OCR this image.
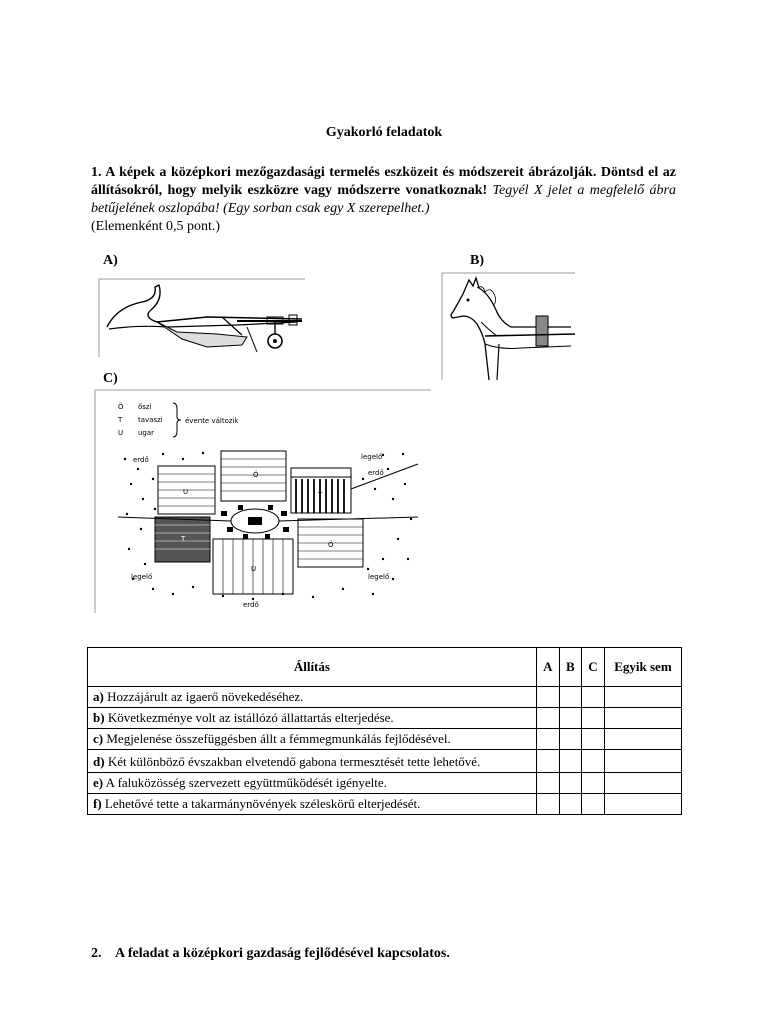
Gyakorló feladatok
1. A képek a középkori mezőgazdasági termelés eszközeit és módszereit ábrázolják. Döntsd el az állításokról, hogy melyik eszközre vagy módszerre vonatkoznak! Tegyél X jelet a megfelelő ábra betűjelének oszlopába! (Egy sorban csak egy X szerepelhet.)
(Elemenként 0,5 pont.)
A)	B)
C)
Ö őszi
T tavaszi
U ugar
évente változik
erdő
erdő
erdő
legelő
legelő	legelő
U
Ö
T
T
U
Ö
Állítás	A	B	C	Egyik sem
a) Hozzájárult az igaerő növekedéséhez.				
b) Következménye volt az istállózó állattartás elterjedése.				
c) Megjelenése összefüggésben állt a fémmegmunkálás fejlődésével.				
d) Két különböző évszakban elvetendő gabona termesztését tette lehetővé.				
e) A faluközösség szervezett együttműködését igényelte.				
f) Lehetővé tette a takarmánynövények széleskörű elterjedését.				
2. A feladat a középkori gazdaság fejlődésével kapcsolatos.
